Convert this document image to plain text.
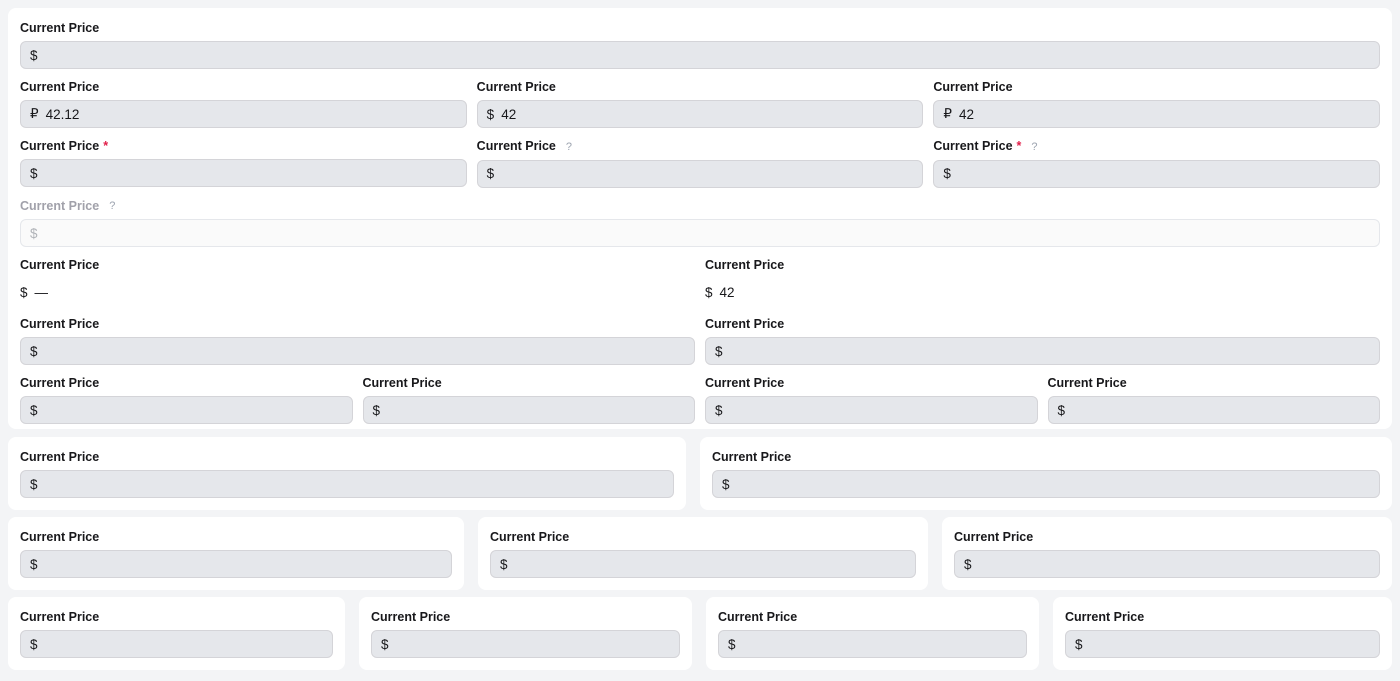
Current Price
$
Current Price
₽ 42.12
Current Price
$ 42
Current Price
₽ 42
Current Price *
$
Current Price ?
$
Current Price * ?
$
Current Price ?
$
Current Price
$ —
Current Price
$ 42
Current Price
$
Current Price
$
Current Price
$
Current Price
$
Current Price
$
Current Price
$
Current Price
$
Current Price
$
Current Price
$
Current Price
$
Current Price
$
Current Price
$
Current Price
$
Current Price
$
Current Price
$
